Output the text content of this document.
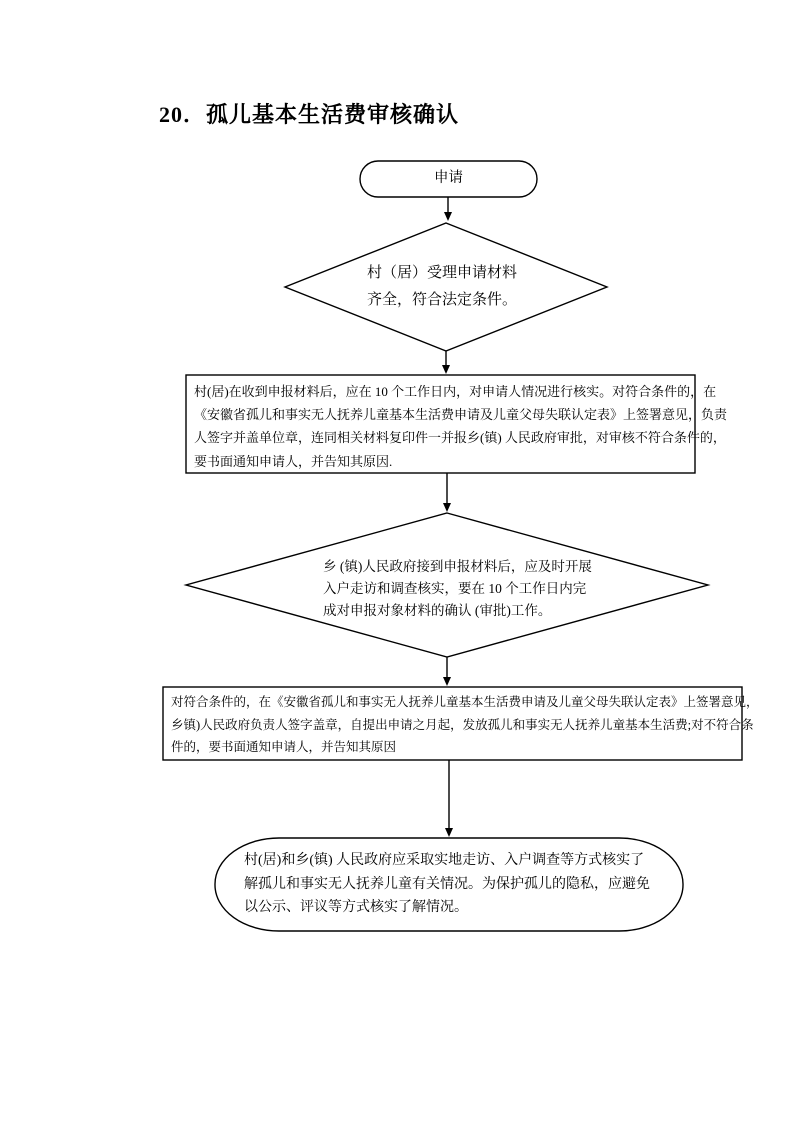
20．孤儿基本生活费审核确认
申请
村（居）受理申请材料
齐全，符合法定条件。
村(居)在收到申报材料后，应在 10 个工作日内，对申请人情况进行核实。对符合条件的，在
《安徽省孤儿和事实无人抚养儿童基本生活费申请及儿童父母失联认定表》上签署意见，负责
人签字并盖单位章，连同相关材料复印件一并报乡(镇) 人民政府审批，对审核不符合条件的，
要书面通知申请人，并告知其原因.
乡 (镇)人民政府接到申报材料后，应及时开展
入户走访和调查核实，要在 10 个工作日内完
成对申报对象材料的确认 (审批)工作。
对符合条件的，在《安徽省孤儿和事实无人抚养儿童基本生活费申请及儿童父母失联认定表》上签署意见，
乡镇)人民政府负责人签字盖章，自提出申请之月起，发放孤儿和事实无人抚养儿童基本生活费;对不符合条
件的，要书面通知申请人，并告知其原因
村(居)和乡(镇) 人民政府应采取实地走访、入户调查等方式核实了
解孤儿和事实无人抚养儿童有关情况。为保护孤儿的隐私，应避免
以公示、评议等方式核实了解情况。
